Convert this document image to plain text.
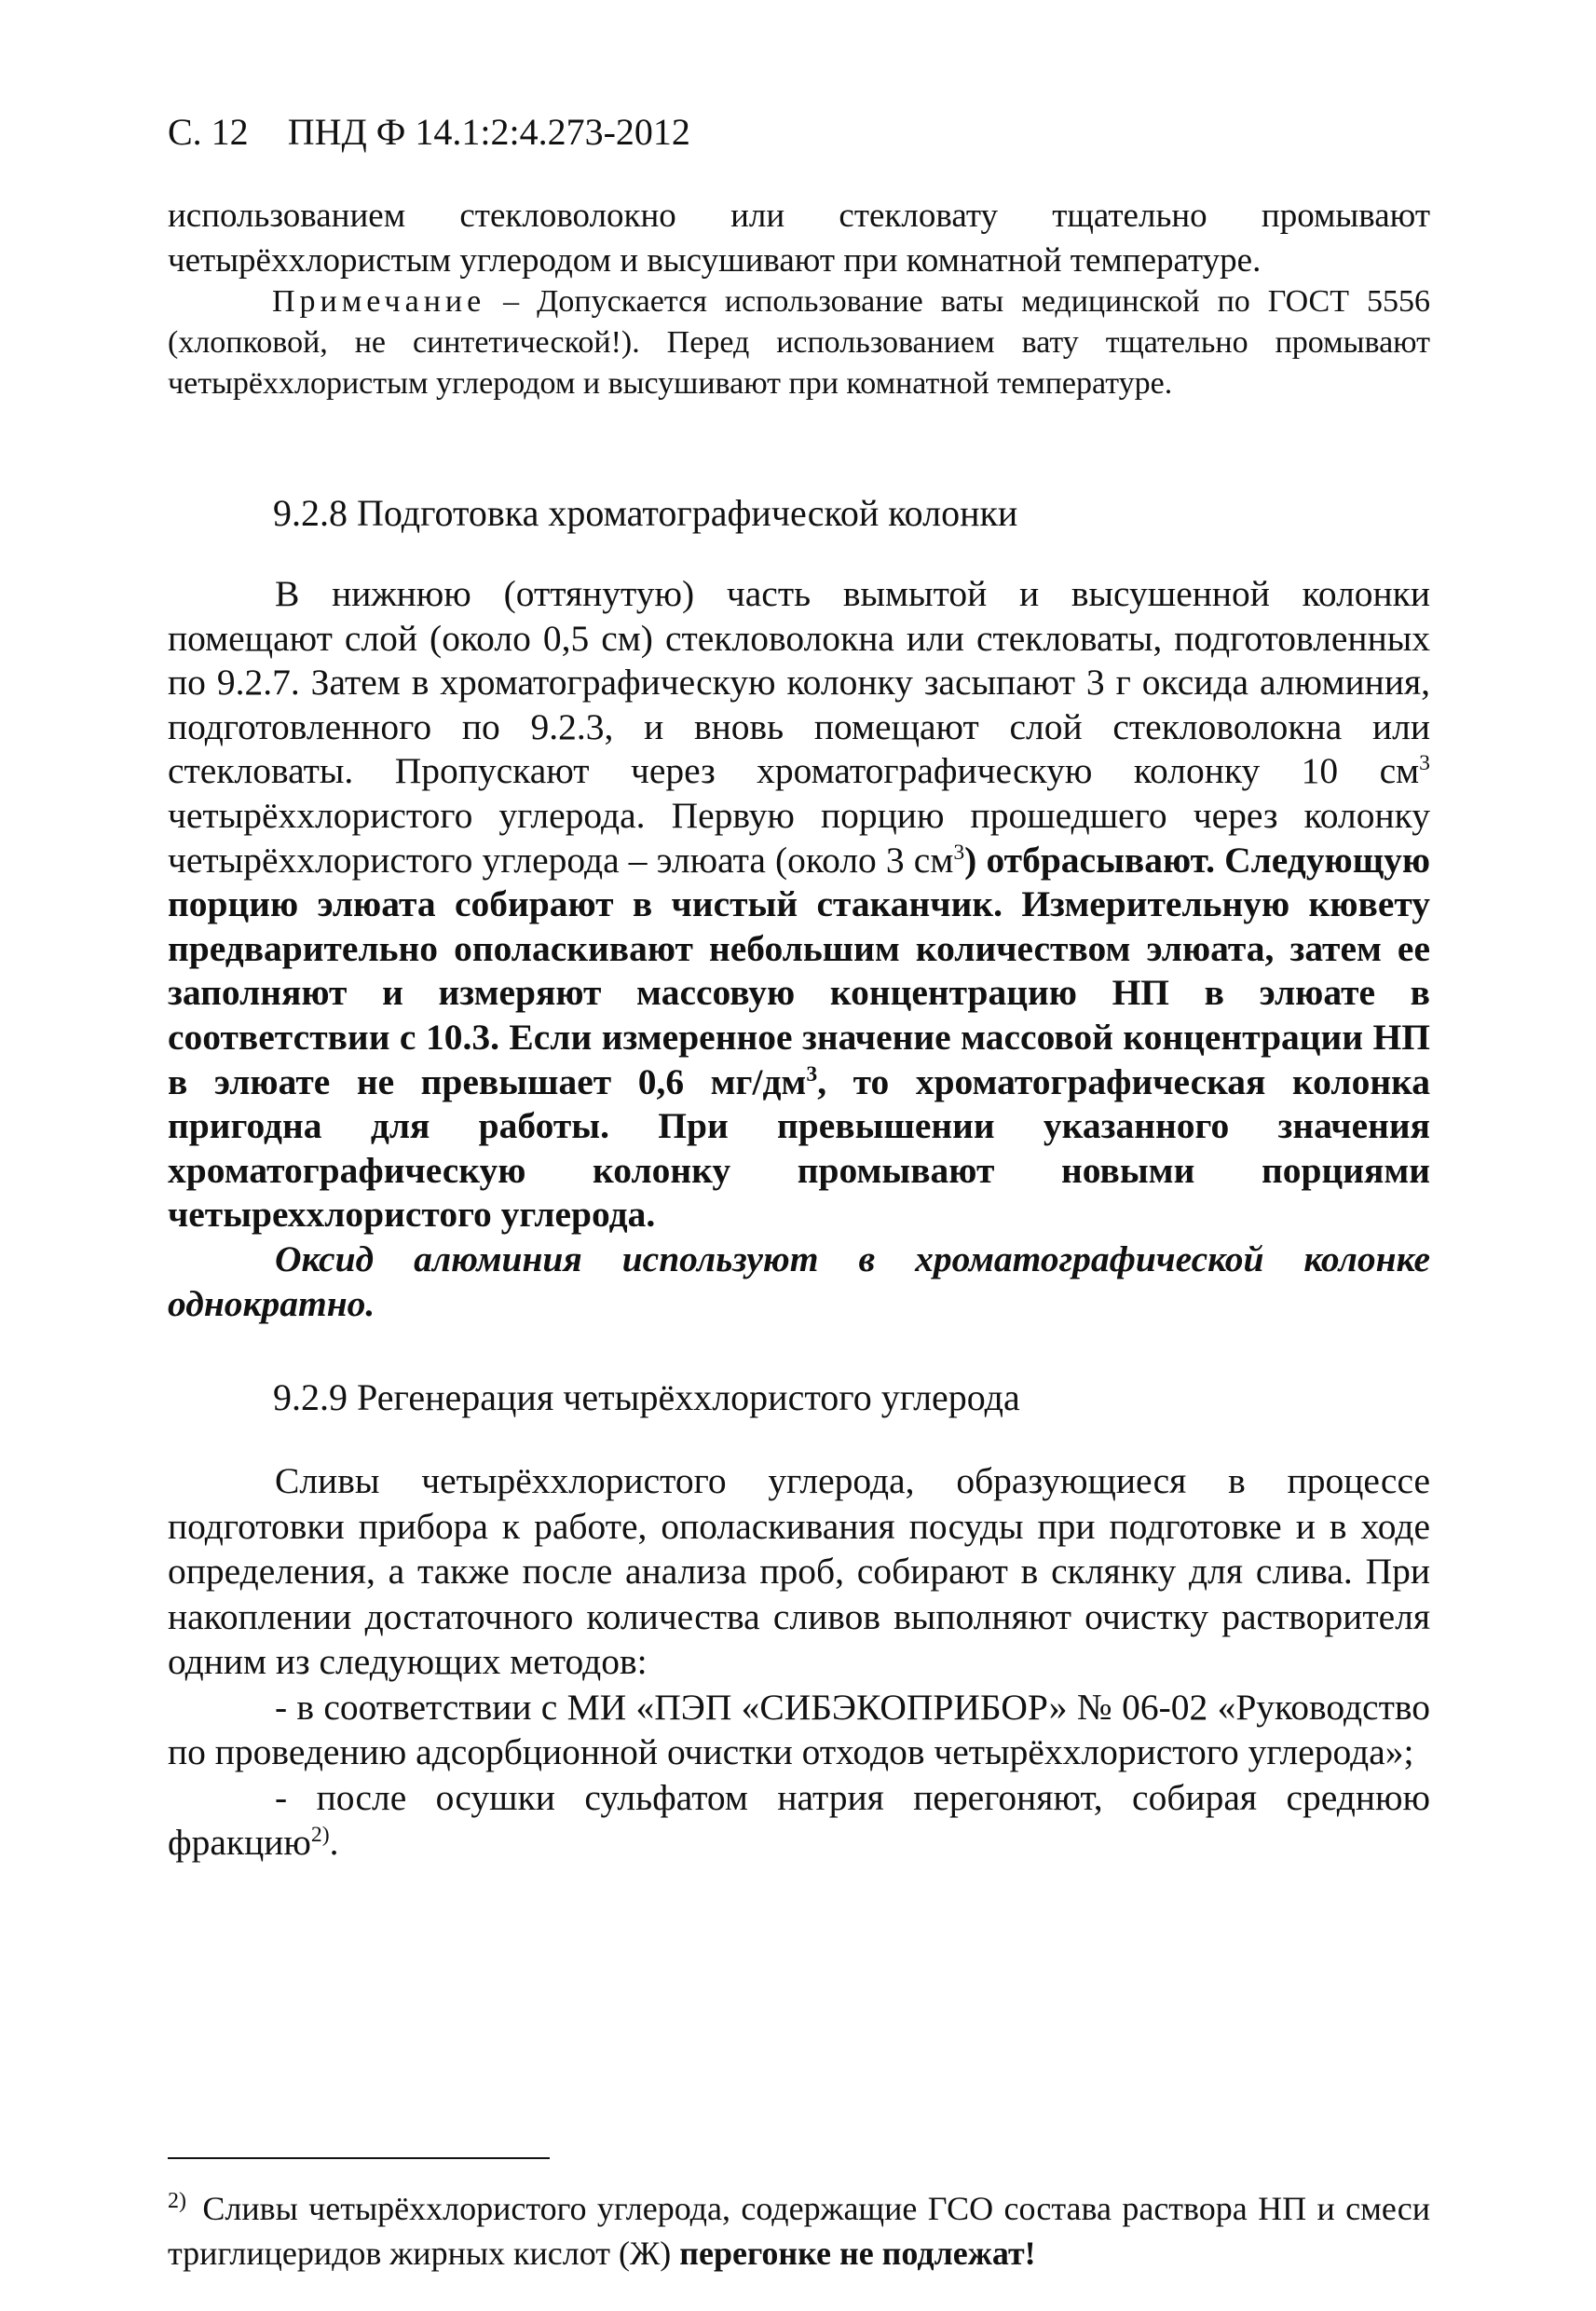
С. 12 ПНД Ф 14.1:2:4.273-2012
использованием стекловолокно или стекловату тщательно промывают четырёххлористым углеродом и высушивают при комнатной температуре.
Примечание – Допускается использование ваты медицинской по ГОСТ 5556 (хлопковой, не синтетической!). Перед использованием вату тщательно промывают четырёххлористым углеродом и высушивают при комнатной температуре.
9.2.8 Подготовка хроматографической колонки
В нижнюю (оттянутую) часть вымытой и высушенной колонки помещают слой (около 0,5 см) стекловолокна или стекловаты, подготовленных по 9.2.7. Затем в хроматографическую колонку засыпают 3 г оксида алюминия, подготовленного по 9.2.3, и вновь помещают слой стекловолокна или стекловаты. Пропускают через хроматографическую колонку 10 $см^3$ четырёххлористого углерода. Первую порцию прошедшего через колонку четырёххлористого углерода – элюата (около 3 $см^3$) отбрасывают. Следующую порцию элюата собирают в чистый стаканчик. Измерительную кювету предварительно ополаскивают небольшим количеством элюата, затем ее заполняют и измеряют массовую концентрацию НП в элюате в соответствии с 10.3. Если измеренное значение массовой концентрации НП в элюате не превышает 0,6 $мг/дм^3$, то хроматографическая колонка пригодна для работы. При превышении указанного значения хроматографическую колонку промывают новыми порциями четыреххлористого углерода.
Оксид алюминия используют в хроматографической колонке однократно.
9.2.9 Регенерация четырёххлористого углерода
Сливы четырёххлористого углерода, образующиеся в процессе подготовки прибора к работе, ополаскивания посуды при подготовке и в ходе определения, а также после анализа проб, собирают в склянку для слива. При накоплении достаточного количества сливов выполняют очистку растворителя одним из следующих методов:
- в соответствии с МИ «ПЭП «СИБЭКОПРИБОР» № 06-02 «Руководство по проведению адсорбционной очистки отходов четырёххлористого углерода»;
- после осушки сульфатом натрия перегоняют, собирая среднюю фракцию$^{2)}$.
$^{2)}$ Сливы четырёххлористого углерода, содержащие ГСО состава раствора НП и смеси триглицеридов жирных кислот (Ж) перегонке не подлежат!
